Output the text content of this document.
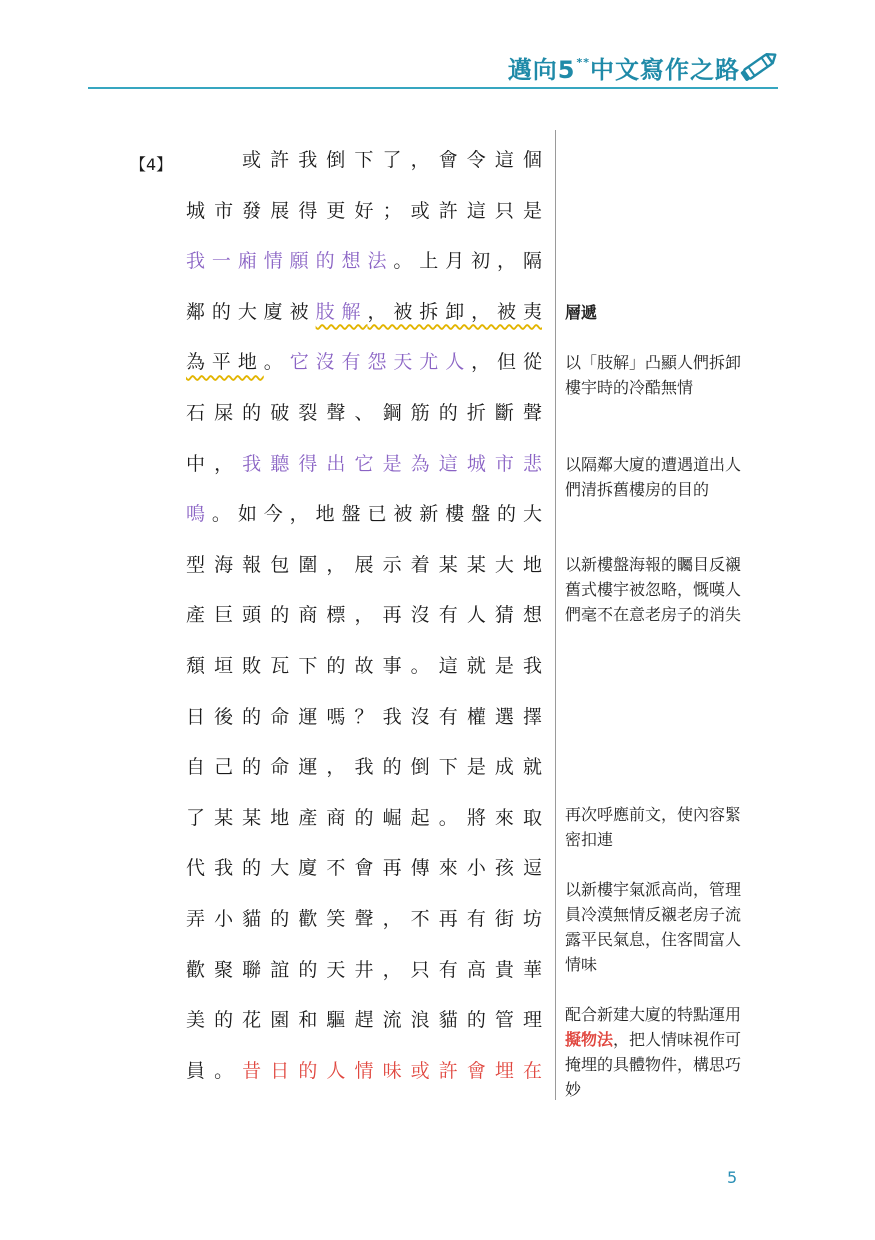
邁向5**中文寫作之路
【4】	或許我倒下了，會令這個
城市發展得更好；或許這只是
我一廂情願的想法。上月初，隔
鄰的大廈被肢解，被拆卸，被夷
為平地。它沒有怨天尤人，但從
石屎的破裂聲、鋼筋的折斷聲
中，我聽得出它是為這城市悲
鳴。如今，地盤已被新樓盤的大
型海報包圍，展示着某某大地
產巨頭的商標，再沒有人猜想
頹垣敗瓦下的故事。這就是我
日後的命運嗎？我沒有權選擇
自己的命運，我的倒下是成就
了某某地產商的崛起。將來取
代我的大廈不會再傳來小孩逗
弄小貓的歡笑聲，不再有街坊
歡聚聯誼的天井，只有高貴華
美的花園和驅趕流浪貓的管理
員。昔日的人情味或許會埋在
層遞
以「肢解」凸顯人們拆卸樓宇時的冷酷無情
以隔鄰大廈的遭遇道出人們清拆舊樓房的目的
以新樓盤海報的矚目反襯舊式樓宇被忽略，慨嘆人們毫不在意老房子的消失
再次呼應前文，使內容緊密扣連
以新樓宇氣派高尚，管理員冷漠無情反襯老房子流露平民氣息，住客間富人情味
配合新建大廈的特點運用擬物法，把人情味視作可掩埋的具體物件，構思巧妙
5
